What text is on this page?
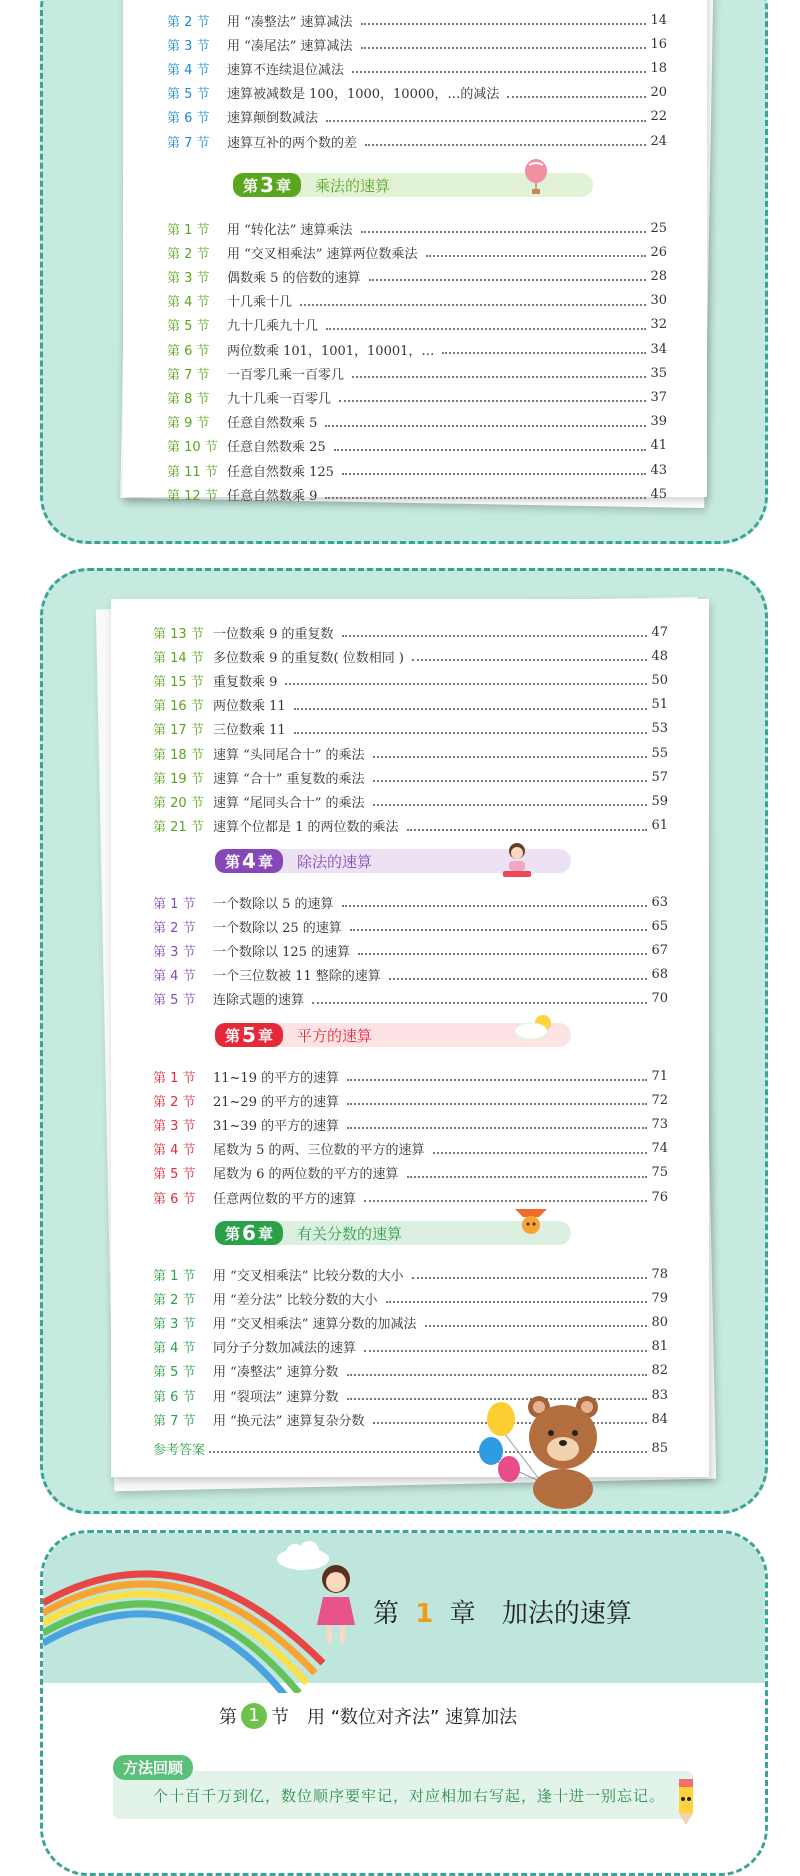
第 2 节	用 “凑整法” 速算减法	14
第 3 节	用 “凑尾法” 速算减法	16
第 4 节	速算不连续退位减法	18
第 5 节	速算被减数是 100，1000，10000，…的减法	20
第 6 节	速算颠倒数减法	22
第 7 节	速算互补的两个数的差	24
第 3 章 乘法的速算
第 1 节	用 “转化法” 速算乘法	25
第 2 节	用 “交叉相乘法” 速算两位数乘法	26
第 3 节	偶数乘 5 的倍数的速算	28
第 4 节	十几乘十几	30
第 5 节	九十几乘九十几	32
第 6 节	两位数乘 101，1001，10001，…	34
第 7 节	一百零几乘一百零几	35
第 8 节	九十几乘一百零几	37
第 9 节	任意自然数乘 5	39
第 10 节 任意自然数乘 25	41
第 11 节 任意自然数乘 125	43
第 12 节 任意自然数乘 9	45
第 13 节 一位数乘 9 的重复数	47
第 14 节 多位数乘 9 的重复数( 位数相同 )	48
第 15 节 重复数乘 9	50
第 16 节 两位数乘 11	51
第 17 节 三位数乘 11	53
第 18 节 速算 “头同尾合十” 的乘法	55
第 19 节 速算 “合十” 重复数的乘法	57
第 20 节 速算 “尾同头合十” 的乘法	59
第 21 节 速算个位都是 1 的两位数的乘法	61
第 4 章 除法的速算
第 1 节	一个数除以 5 的速算	63
第 2 节	一个数除以 25 的速算	65
第 3 节	一个数除以 125 的速算	67
第 4 节	一个三位数被 11 整除的速算	68
第 5 节	连除式题的速算	70
第 5 章 平方的速算
第 1 节	11~19 的平方的速算	71
第 2 节	21~29 的平方的速算	72
第 3 节	31~39 的平方的速算	73
第 4 节	尾数为 5 的两、三位数的平方的速算	74
第 5 节	尾数为 6 的两位数的平方的速算	75
第 6 节	任意两位数的平方的速算	76
第 6 章 有关分数的速算
第 1 节	用 “交叉相乘法” 比较分数的大小	78
第 2 节	用 “差分法” 比较分数的大小	79
第 3 节	用 “交叉相乘法” 速算分数的加减法	80
第 4 节	同分子分数加减法的速算	81
第 5 节	用 “凑整法” 速算分数	82
第 6 节	用 “裂项法” 速算分数	83
第 7 节	用 “换元法” 速算复杂分数	84
参考答案	85
第 1 章 加法的速算
第 1 节 用 “数位对齐法” 速算加法
方法回顾
个十百千万到亿，数位顺序要牢记，对应相加右写起，逢十进一别忘记。
